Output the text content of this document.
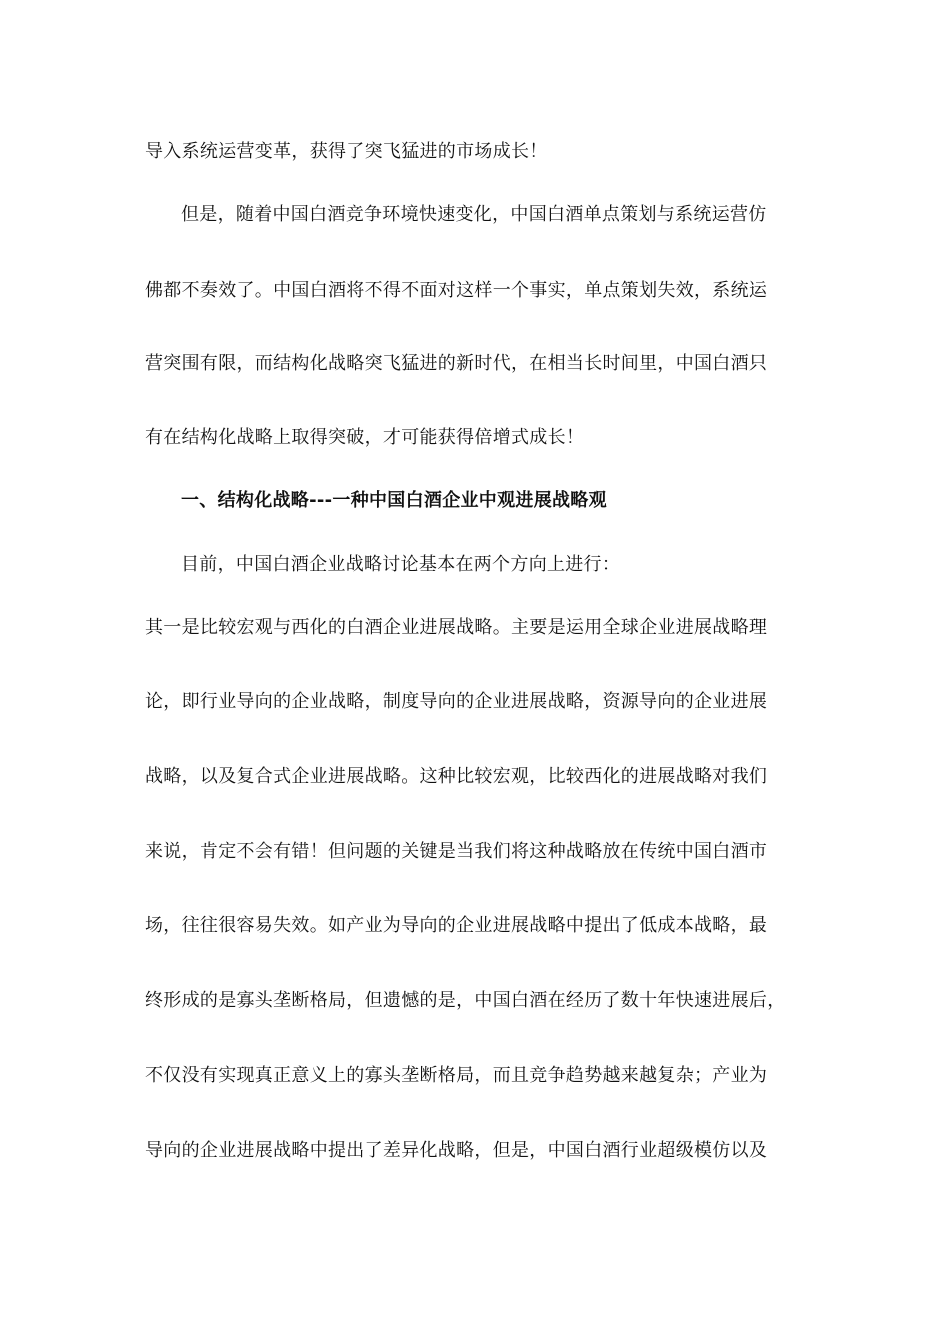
导入系统运营变革，获得了突飞猛进的市场成长！
但是，随着中国白酒竞争环境快速变化，中国白酒单点策划与系统运营仿
佛都不奏效了。中国白酒将不得不面对这样一个事实，单点策划失效，系统运
营突围有限，而结构化战略突飞猛进的新时代，在相当长时间里，中国白酒只
有在结构化战略上取得突破，才可能获得倍增式成长！
一、结构化战略---一种中国白酒企业中观进展战略观
目前，中国白酒企业战略讨论基本在两个方向上进行：
其一是比较宏观与西化的白酒企业进展战略。主要是运用全球企业进展战略理
论，即行业导向的企业战略，制度导向的企业进展战略，资源导向的企业进展
战略，以及复合式企业进展战略。这种比较宏观，比较西化的进展战略对我们
来说，肯定不会有错！但问题的关键是当我们将这种战略放在传统中国白酒市
场，往往很容易失效。如产业为导向的企业进展战略中提出了低成本战略，最
终形成的是寡头垄断格局，但遗憾的是，中国白酒在经历了数十年快速进展后，
不仅没有实现真正意义上的寡头垄断格局，而且竞争趋势越来越复杂；产业为
导向的企业进展战略中提出了差异化战略，但是，中国白酒行业超级模仿以及
